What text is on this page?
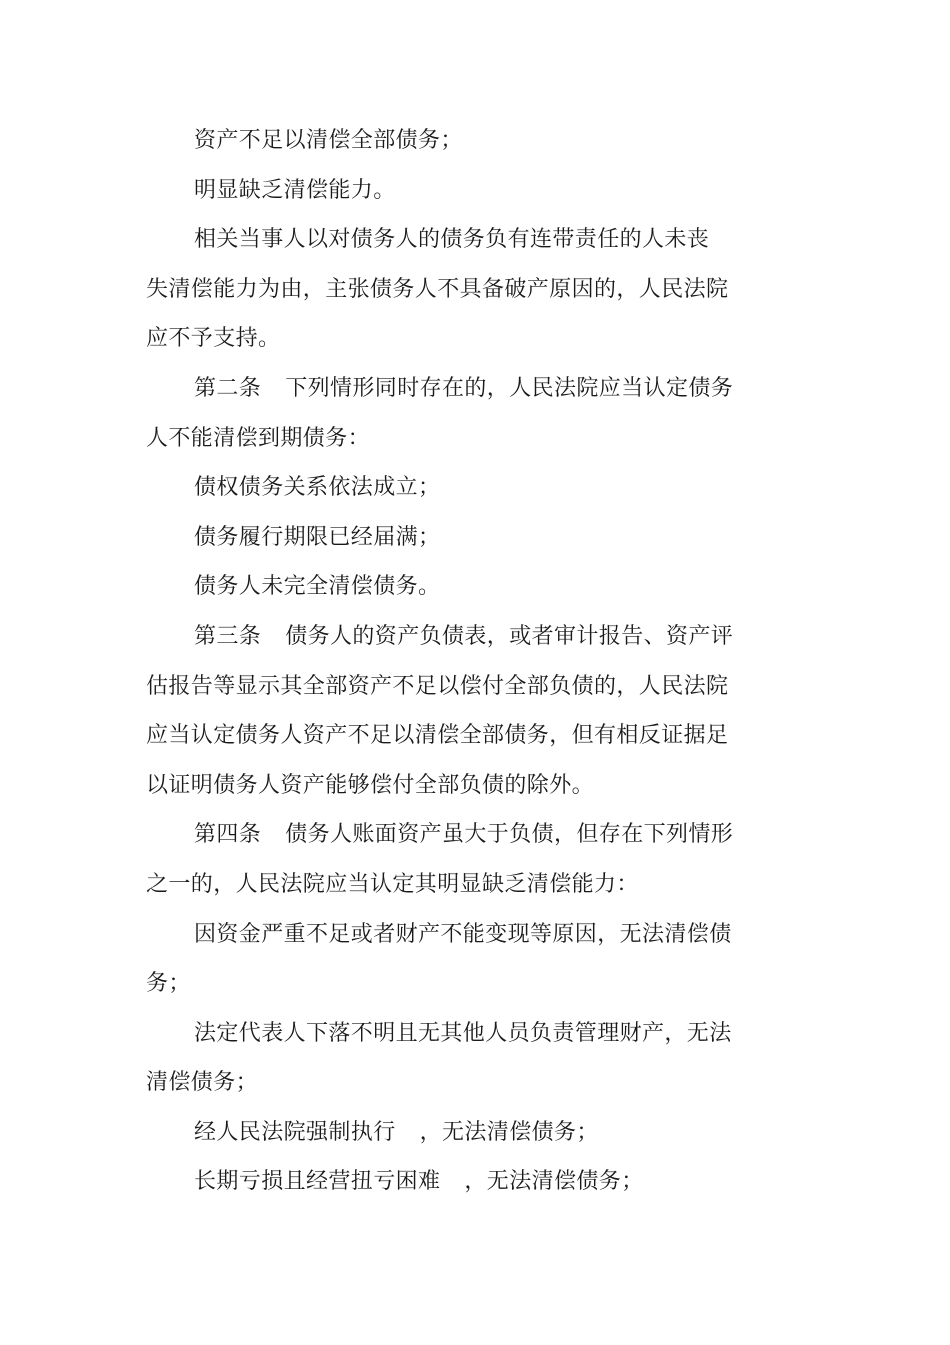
资产不足以清偿全部债务；
明显缺乏清偿能力。
相关当事人以对债务人的债务负有连带责任的人未丧
失清偿能力为由，主张债务人不具备破产原因的，人民法院
应不予支持。
第二条 下列情形同时存在的，人民法院应当认定债务
人不能清偿到期债务：
债权债务关系依法成立；
债务履行期限已经届满；
债务人未完全清偿债务。
第三条 债务人的资产负债表，或者审计报告、资产评
估报告等显示其全部资产不足以偿付全部负债的，人民法院
应当认定债务人资产不足以清偿全部债务，但有相反证据足
以证明债务人资产能够偿付全部负债的除外。
第四条 债务人账面资产虽大于负债，但存在下列情形
之一的，人民法院应当认定其明显缺乏清偿能力：
因资金严重不足或者财产不能变现等原因，无法清偿债
务；
法定代表人下落不明且无其他人员负责管理财产，无法
清偿债务；
经人民法院强制执行 ，无法清偿债务；
长期亏损且经营扭亏困难 ，无法清偿债务；
